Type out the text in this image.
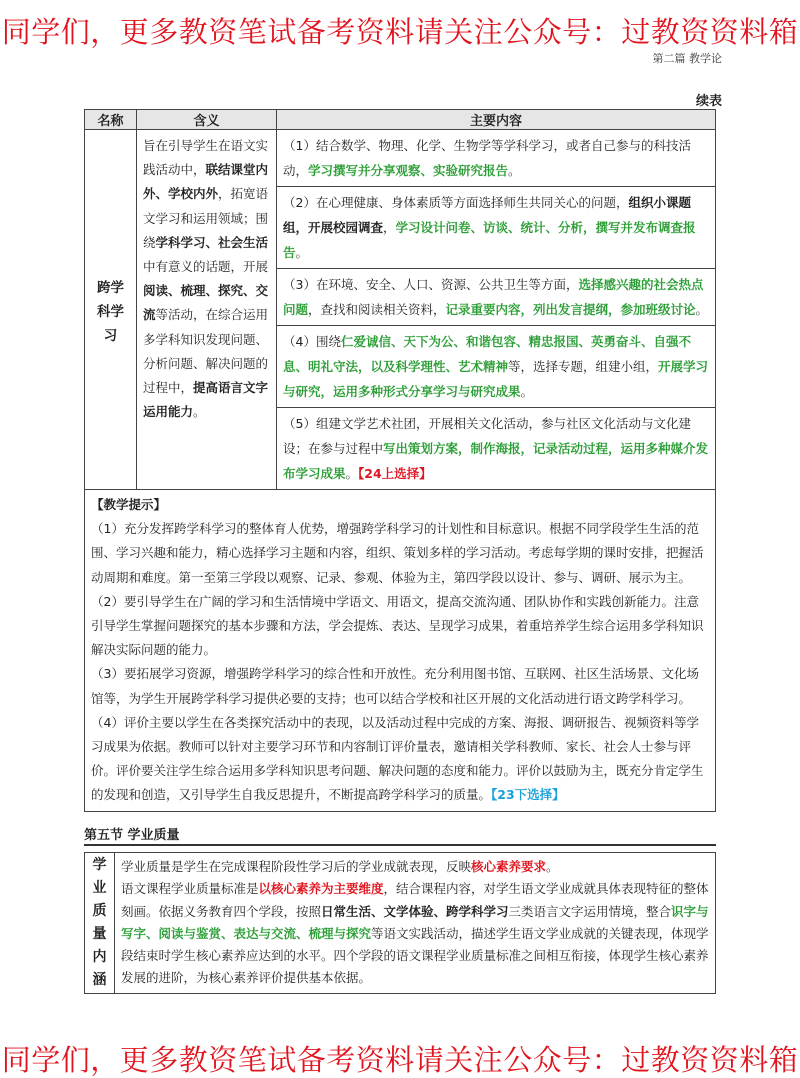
同学们，更多教资笔试备考资料请关注公众号：过教资资料箱
第二篇 教学论
续表
名称	含义	主要内容

跨学科学习	旨在引导学生在语文实践活动中，联结课堂内外、学校内外，拓宽语文学习和运用领域；围绕学科学习、社会生活中有意义的话题，开展阅读、梳理、探究、交流等活动，在综合运用多学科知识发现问题、分析问题、解决问题的过程中，提高语言文字运用能力。	（1）结合数学、物理、化学、生物学等学科学习，或者自己参与的科技活动，学习撰写并分享观察、实验研究报告。
		（2）在心理健康、身体素质等方面选择师生共同关心的问题，组织小课题组，开展校园调查，学习设计问卷、访谈、统计、分析，撰写并发布调查报告。
		（3）在环境、安全、人口、资源、公共卫生等方面，选择感兴趣的社会热点问题，查找和阅读相关资料，记录重要内容，列出发言提纲，参加班级讨论。
		（4）围绕仁爱诚信、天下为公、和谐包容、精忠报国、英勇奋斗、自强不息、明礼守法，以及科学理性、艺术精神等，选择专题，组建小组，开展学习与研究，运用多种形式分享学习与研究成果。
		（5）组建文学艺术社团，开展相关文化活动，参与社区文化活动与文化建设；在参与过程中写出策划方案，制作海报，记录活动过程，运用多种媒介发布学习成果。【24上选择】

【教学提示】

（1）充分发挥跨学科学习的整体育人优势，增强跨学科学习的计划性和目标意识。根据不同学段学生生活的范围、学习兴趣和能力，精心选择学习主题和内容，组织、策划多样的学习活动。考虑每学期的课时安排，把握活动周期和难度。第一至第三学段以观察、记录、参观、体验为主，第四学段以设计、参与、调研、展示为主。

（2）要引导学生在广阔的学习和生活情境中学语文、用语文，提高交流沟通、团队协作和实践创新能力。注意引导学生掌握问题探究的基本步骤和方法，学会提炼、表达、呈现学习成果，着重培养学生综合运用多学科知识解决实际问题的能力。

（3）要拓展学习资源，增强跨学科学习的综合性和开放性。充分利用图书馆、互联网、社区生活场景、文化场馆等，为学生开展跨学科学习提供必要的支持；也可以结合学校和社区开展的文化活动进行语文跨学科学习。

（4）评价主要以学生在各类探究活动中的表现，以及活动过程中完成的方案、海报、调研报告、视频资料等学习成果为依据。教师可以针对主要学习环节和内容制订评价量表，邀请相关学科教师、家长、社会人士参与评价。评价要关注学生综合运用多学科知识思考问题、解决问题的态度和能力。评价以鼓励为主，既充分肯定学生的发现和创造，又引导学生自我反思提升，不断提高跨学科学习的质量。【23下选择】		

第五节 学业质量
学业质量内涵

学业质量是学生在完成课程阶段性学习后的学业成就表现，反映核心素养要求。

语文课程学业质量标准是以核心素养为主要维度，结合课程内容，对学生语文学业成就具体表现特征的整体刻画。依据义务教育四个学段，按照日常生活、文学体验、跨学科学习三类语言文字运用情境，整合识字与写字、阅读与鉴赏、表达与交流、梳理与探究等语文实践活动，描述学生语文学业成就的关键表现，体现学段结束时学生核心素养应达到的水平。四个学段的语文课程学业质量标准之间相互衔接，体现学生核心素养发展的进阶，为核心素养评价提供基本依据。

同学们，更多教资笔试备考资料请关注公众号：过教资资料箱
